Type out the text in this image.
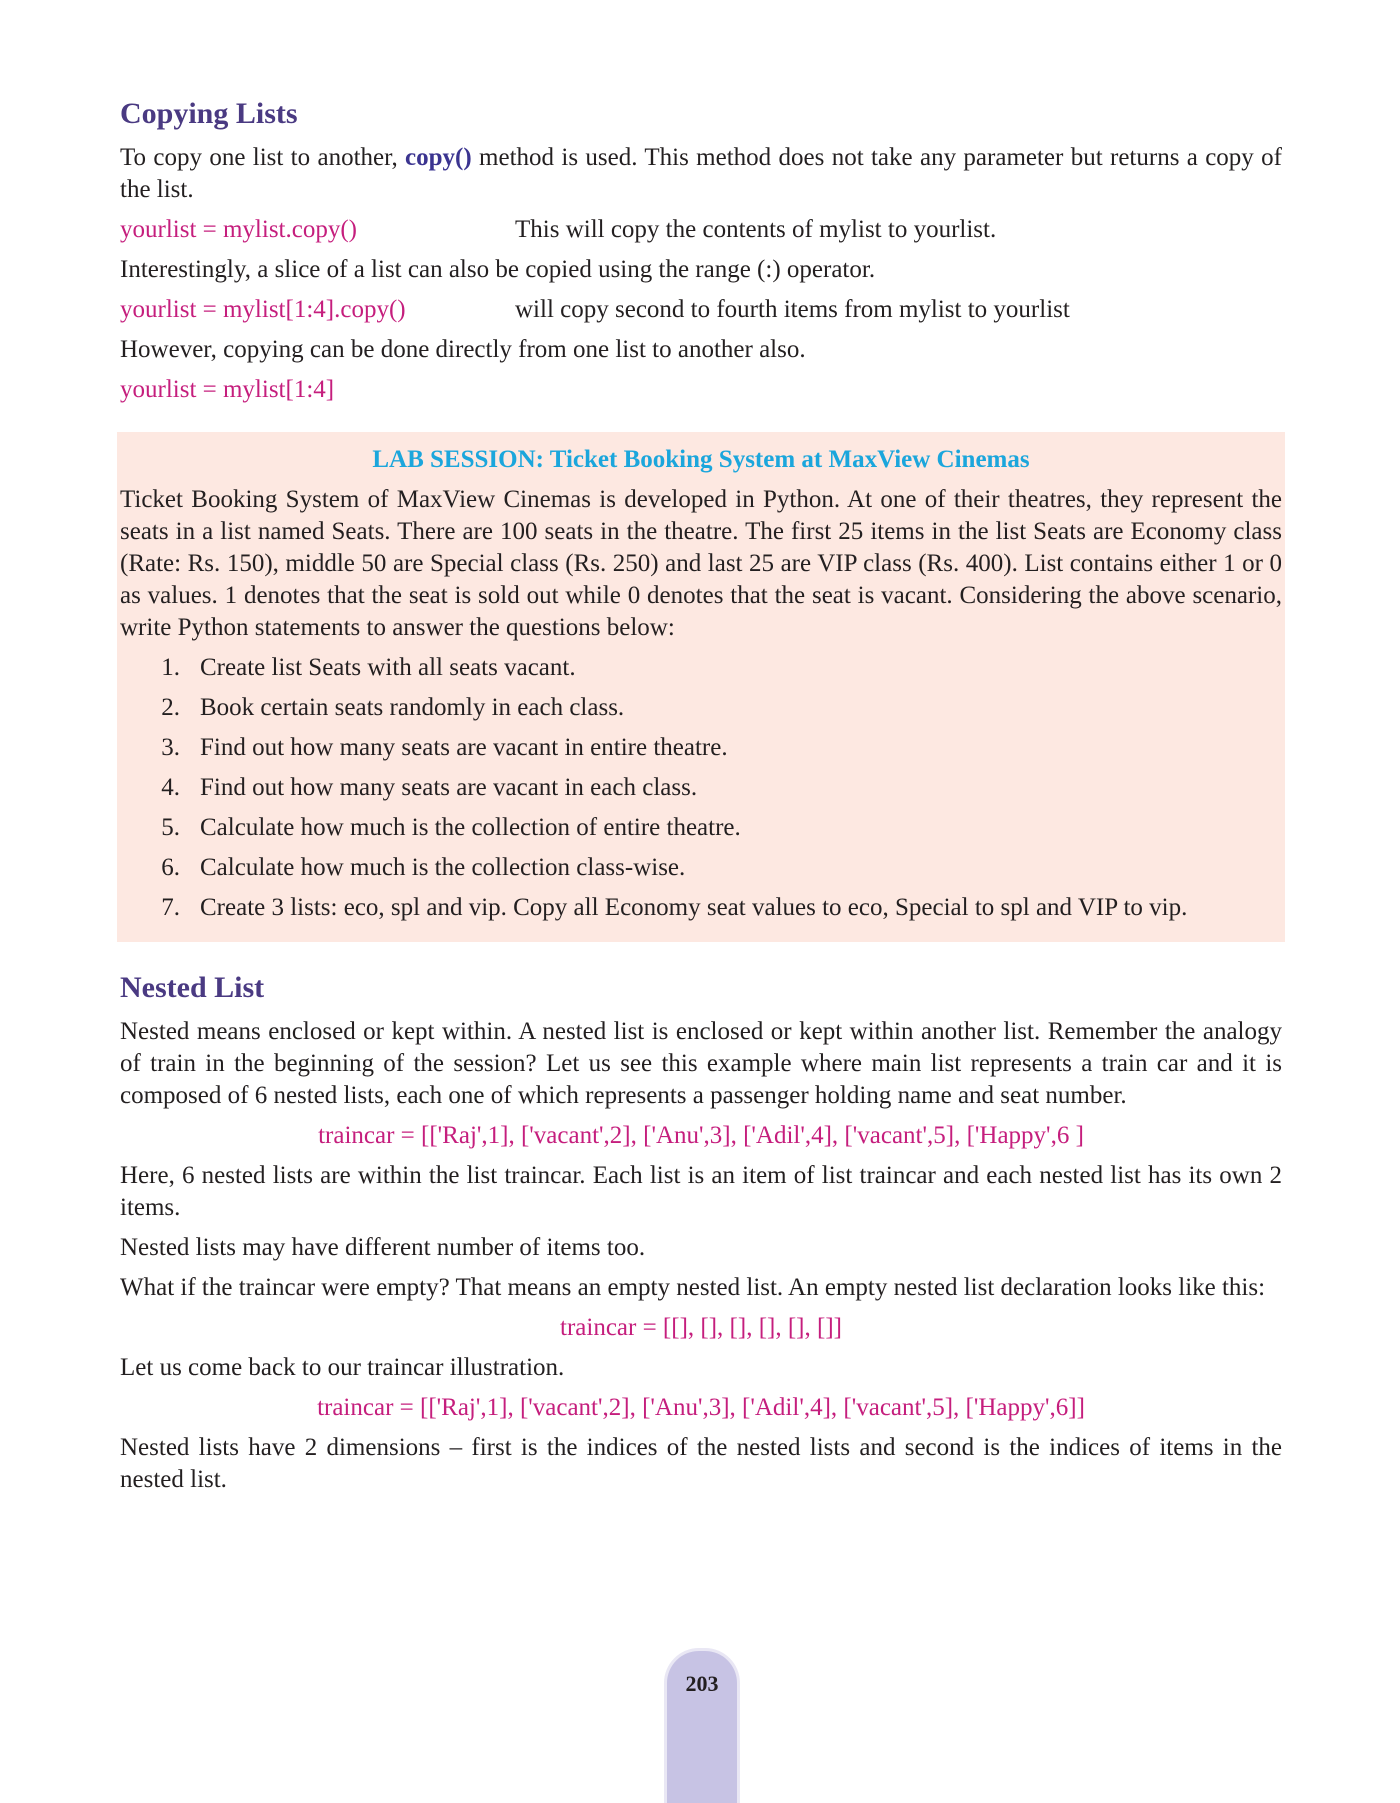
Copying Lists

To copy one list to another, copy() method is used. This method does not take any parameter but returns a copy of the list.

yourlist = mylist.copy()	This will copy the contents of mylist to yourlist.

Interestingly, a slice of a list can also be copied using the range (:) operator.

yourlist = mylist[1:4].copy()	will copy second to fourth items from mylist to yourlist

However, copying can be done directly from one list to another also.

yourlist = mylist[1:4]

LAB SESSION: Ticket Booking System at MaxView Cinemas

Ticket Booking System of MaxView Cinemas is developed in Python. At one of their theatres, they represent the seats in a list named Seats. There are 100 seats in the theatre. The first 25 items in the list Seats are Economy class (Rate: Rs. 150), middle 50 are Special class (Rs. 250) and last 25 are VIP class (Rs. 400). List contains either 1 or 0 as values. 1 denotes that the seat is sold out while 0 denotes that the seat is vacant. Considering the above scenario, write Python statements to answer the questions below:

1. Create list Seats with all seats vacant.
2. Book certain seats randomly in each class.
3. Find out how many seats are vacant in entire theatre.
4. Find out how many seats are vacant in each class.
5. Calculate how much is the collection of entire theatre.
6. Calculate how much is the collection class-wise.
7. Create 3 lists: eco, spl and vip. Copy all Economy seat values to eco, Special to spl and VIP to vip.
Nested List

Nested means enclosed or kept within. A nested list is enclosed or kept within another list. Remember the analogy of train in the beginning of the session? Let us see this example where main list represents a train car and it is composed of 6 nested lists, each one of which represents a passenger holding name and seat number.

traincar = [['Raj',1], ['vacant',2], ['Anu',3], ['Adil',4], ['vacant',5], ['Happy',6 ]

Here, 6 nested lists are within the list traincar. Each list is an item of list traincar and each nested list has its own 2 items.

Nested lists may have different number of items too.

What if the traincar were empty? That means an empty nested list. An empty nested list declaration looks like this:

traincar = [[], [], [], [], [], []]

Let us come back to our traincar illustration.

traincar = [['Raj',1], ['vacant',2], ['Anu',3], ['Adil',4], ['vacant',5], ['Happy',6]]

Nested lists have 2 dimensions – first is the indices of the nested lists and second is the indices of items in the nested list.

203
